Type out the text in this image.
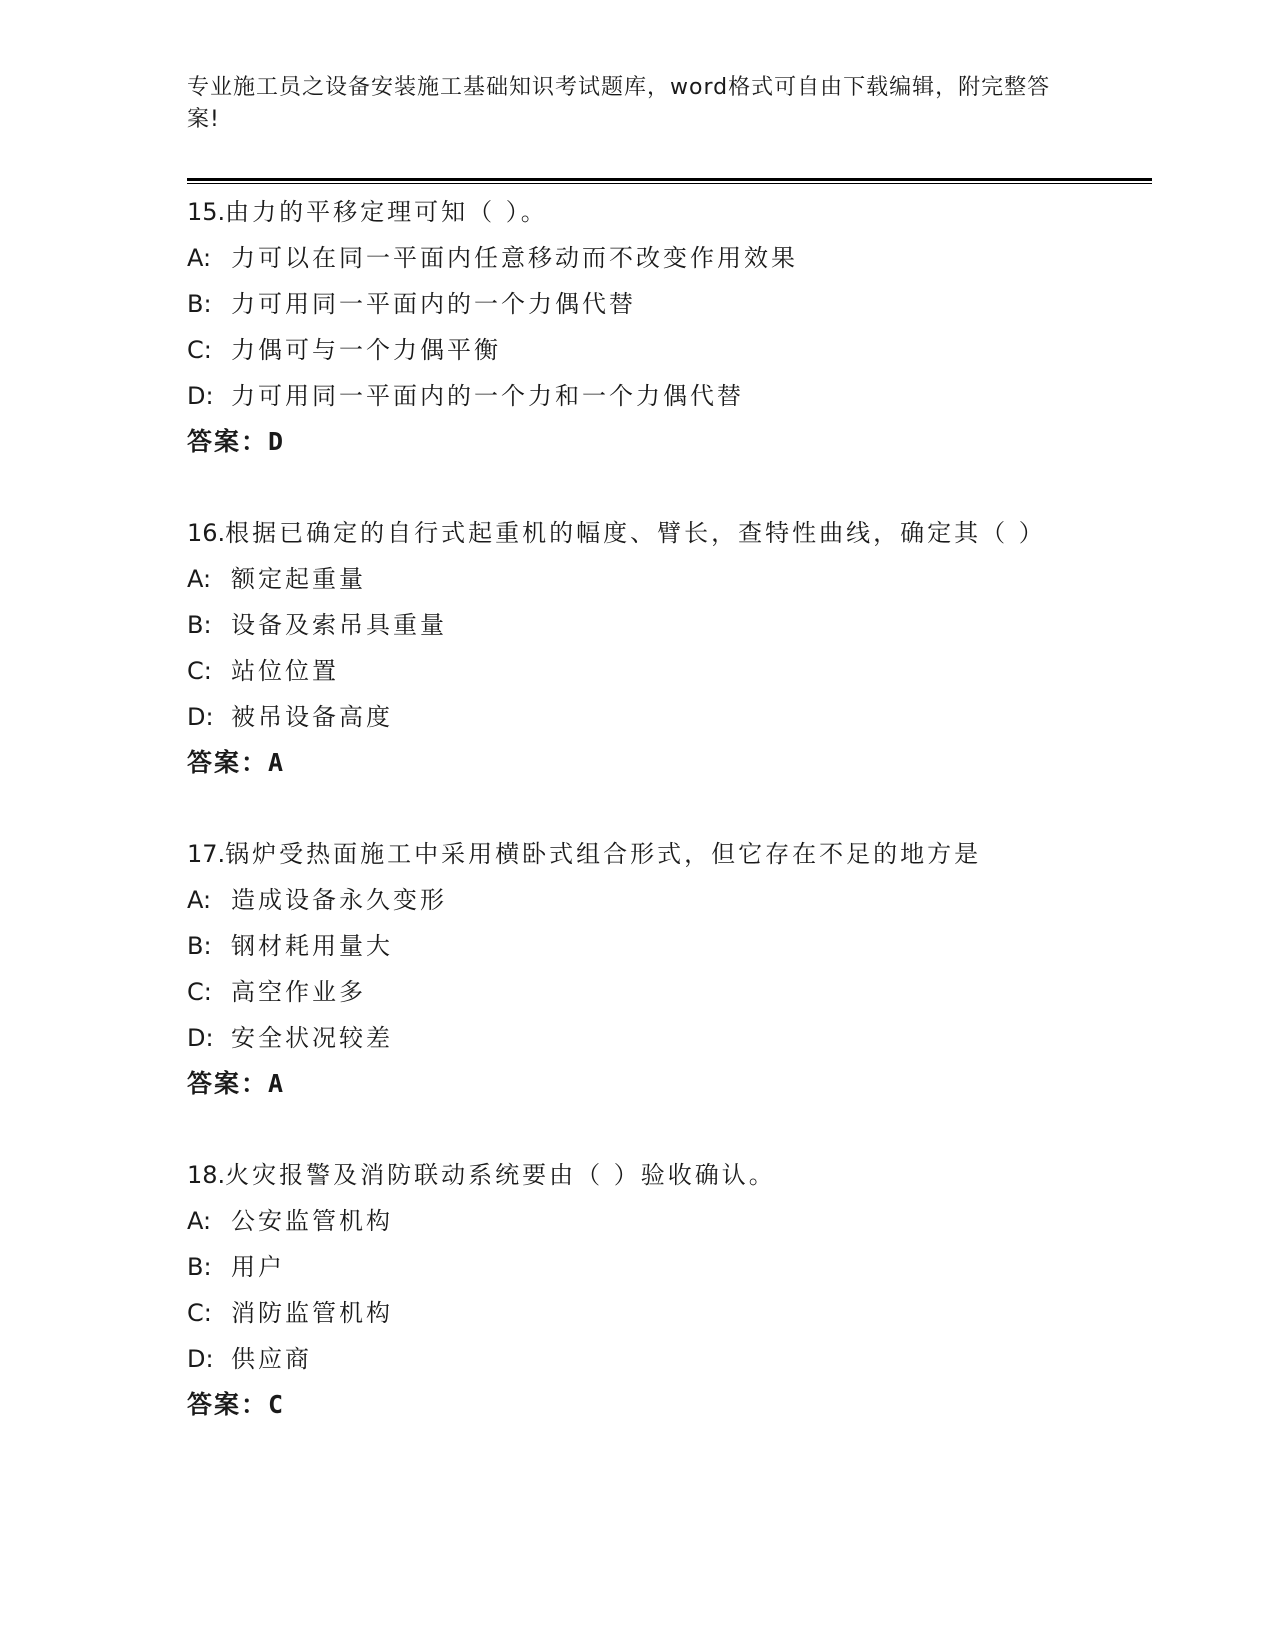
专业施工员之设备安装施工基础知识考试题库，word格式可自由下载编辑，附完整答案!
15.由力的平移定理可知（ ）。
A: 力可以在同一平面内任意移动而不改变作用效果
B: 力可用同一平面内的一个力偶代替
C: 力偶可与一个力偶平衡
D: 力可用同一平面内的一个力和一个力偶代替
答案：D
16.根据已确定的自行式起重机的幅度、臂长，查特性曲线，确定其（ ）
A: 额定起重量
B: 设备及索吊具重量
C: 站位位置
D: 被吊设备高度
答案：A
17.锅炉受热面施工中采用横卧式组合形式，但它存在不足的地方是
A: 造成设备永久变形
B: 钢材耗用量大
C: 高空作业多
D: 安全状况较差
答案：A
18.火灾报警及消防联动系统要由（ ）验收确认。
A: 公安监管机构
B: 用户
C: 消防监管机构
D: 供应商
答案：C
